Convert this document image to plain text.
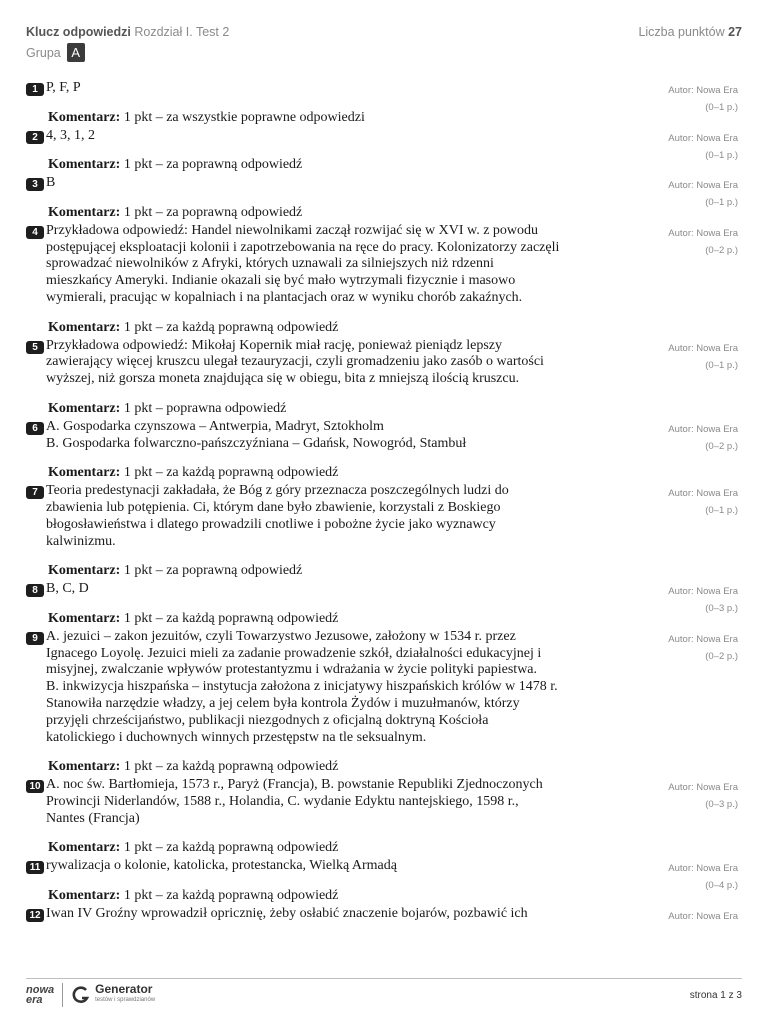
Klucz odpowiedzi Rozdział I. Test 2	Liczba punktów 27
Grupa A
1 P, F, P	Autor: Nowa Era
(0–1 p.)
Komentarz: 1 pkt – za wszystkie poprawne odpowiedzi
2 4, 3, 1, 2	Autor: Nowa Era
(0–1 p.)
Komentarz: 1 pkt – za poprawną odpowiedź
3 B	Autor: Nowa Era
(0–1 p.)
Komentarz: 1 pkt – za poprawną odpowiedź
4 Przykładowa odpowiedź: Handel niewolnikami zaczął rozwijać się w XVI w. z powodu postępującej eksploatacji kolonii i zapotrzebowania na ręce do pracy. Kolonizatorzy zaczęli sprowadzać niewolników z Afryki, których uznawali za silniejszych niż rdzenni mieszkańcy Ameryki. Indianie okazali się być mało wytrzymali fizycznie i masowo wymierali, pracując w kopalniach i na plantacjach oraz w wyniku chorób zakaźnych.
Autor: Nowa Era
(0–2 p.)
Komentarz: 1 pkt – za każdą poprawną odpowiedź
5 Przykładowa odpowiedź: Mikołaj Kopernik miał rację, ponieważ pieniądz lepszy zawierający więcej kruszcu ulegał tezauryzacji, czyli gromadzeniu jako zasób o wartości wyższej, niż gorsza moneta znajdująca się w obiegu, bita z mniejszą ilością kruszcu.
Autor: Nowa Era
(0–1 p.)
Komentarz: 1 pkt – poprawna odpowiedź
6 A. Gospodarka czynszowa – Antwerpia, Madryt, Sztokholm
B. Gospodarka folwarczno-pańszczyźniana – Gdańsk, Nowogród, Stambuł
Autor: Nowa Era
(0–2 p.)
Komentarz: 1 pkt – za każdą poprawną odpowiedź
7 Teoria predestynacji zakładała, że Bóg z góry przeznacza poszczególnych ludzi do zbawienia lub potępienia. Ci, którym dane było zbawienie, korzystali z Boskiego błogosławieństwa i dlatego prowadzili cnotliwe i pobożne życie jako wyznawcy kalwinizmu.
Autor: Nowa Era
(0–1 p.)
Komentarz: 1 pkt – za poprawną odpowiedź
8 B, C, D	Autor: Nowa Era
(0–3 p.)
Komentarz: 1 pkt – za każdą poprawną odpowiedź
9 A. jezuici – zakon jezuitów, czyli Towarzystwo Jezusowe, założony w 1534 r. przez Ignacego Loyolę. Jezuici mieli za zadanie prowadzenie szkół, działalności edukacyjnej i misyjnej, zwalczanie wpływów protestantyzmu i wdrażania w życie polityki papiestwa.
B. inkwizycja hiszpańska – instytucja założona z inicjatywy hiszpańskich królów w 1478 r. Stanowiła narzędzie władzy, a jej celem była kontrola Żydów i muzułmanów, którzy przyjęli chrześcijaństwo, publikacji niezgodnych z oficjalną doktryną Kościoła katolickiego i duchownych winnych przestępstw na tle seksualnym.
Autor: Nowa Era
(0–2 p.)
Komentarz: 1 pkt – za każdą poprawną odpowiedź
10 A. noc św. Bartłomieja, 1573 r., Paryż (Francja), B. powstanie Republiki Zjednoczonych Prowincji Niderlandów, 1588 r., Holandia, C. wydanie Edyktu nantejskiego, 1598 r., Nantes (Francja)
Autor: Nowa Era
(0–3 p.)
Komentarz: 1 pkt – za każdą poprawną odpowiedź
11 rywalizacja o kolonie, katolicka, protestancka, Wielką Armadą	Autor: Nowa Era
(0–4 p.)
Komentarz: 1 pkt – za każdą poprawną odpowiedź
12 Iwan IV Groźny wprowadził opricznię, żeby osłabić znaczenie bojarów, pozbawić ich	Autor: Nowa Era
nowa
era
Generator
testów i sprawdzianów	strona 1 z 3
